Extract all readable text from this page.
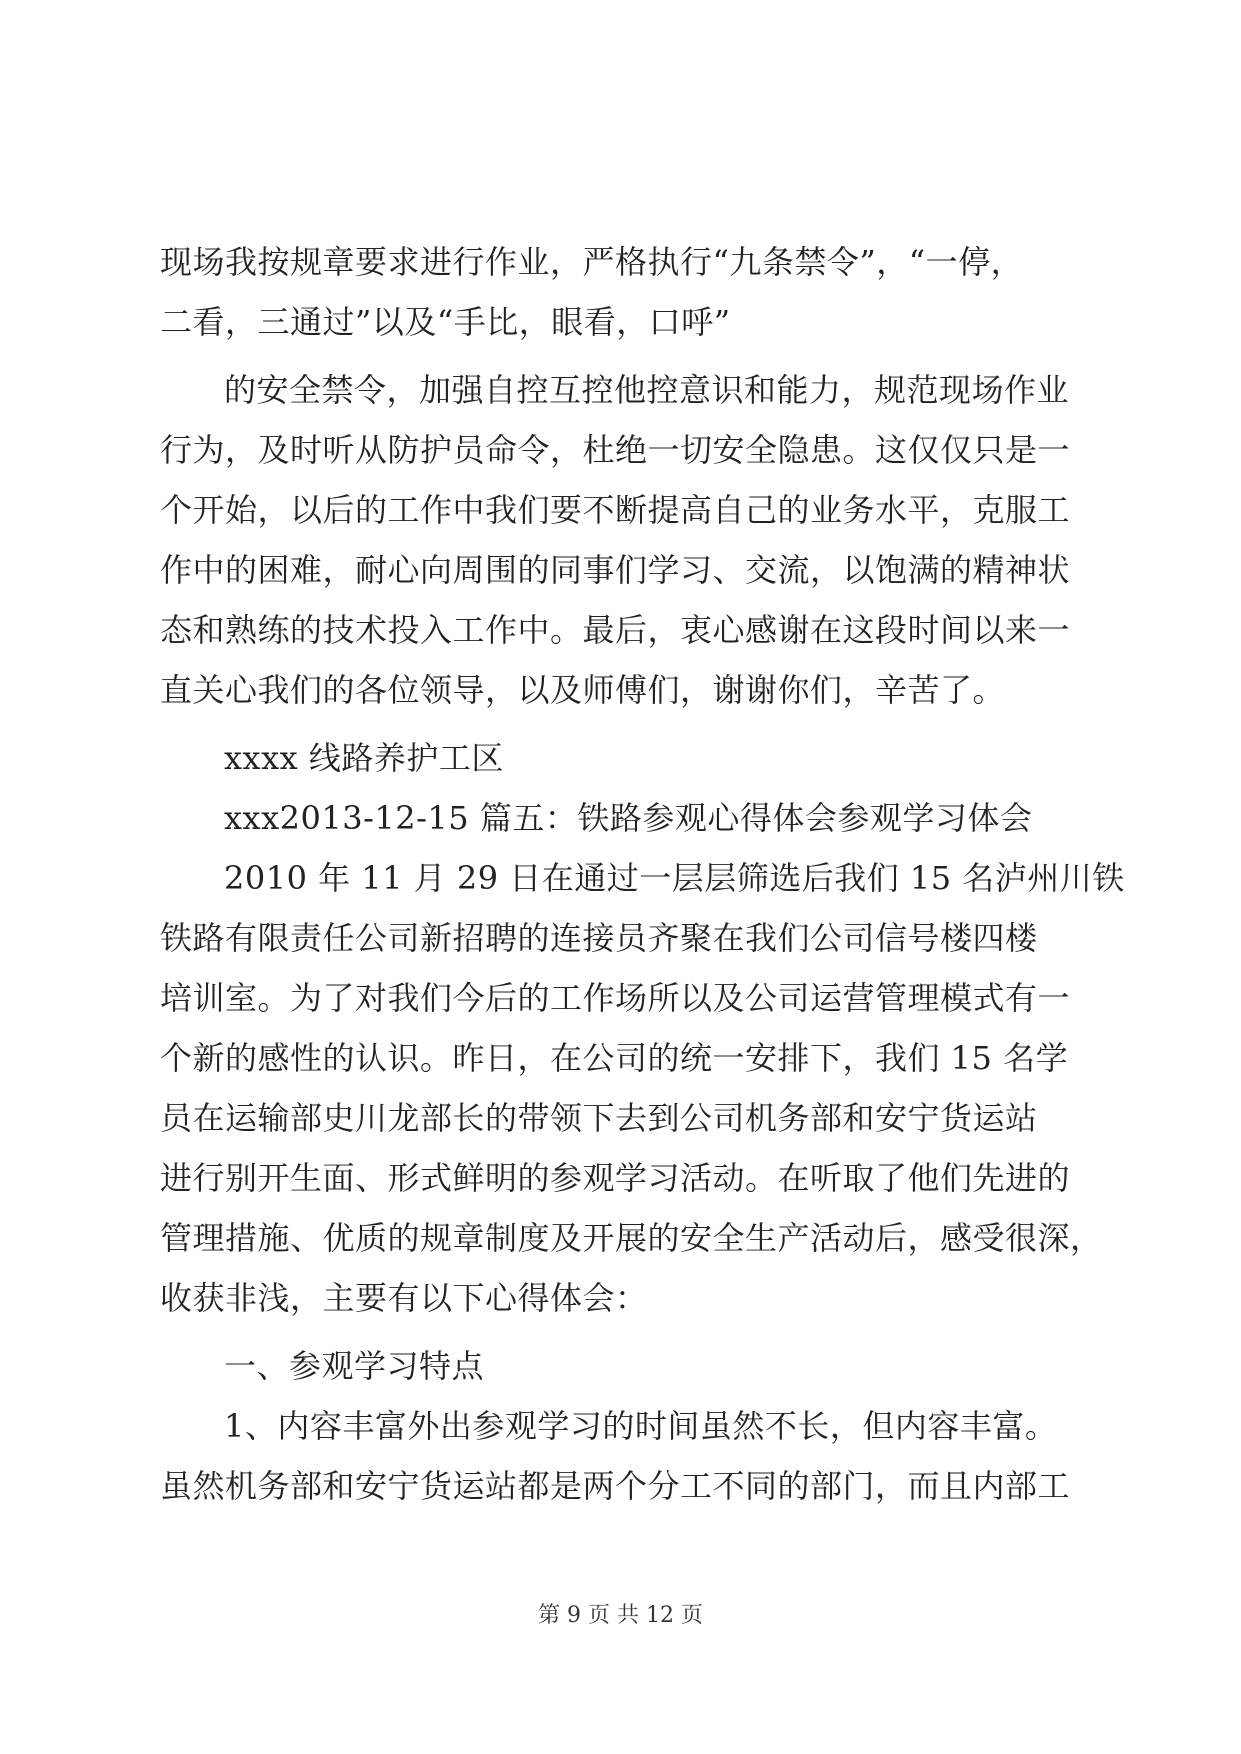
现场我按规章要求进行作业，严格执行“九条禁令”，“一停，
二看，三通过”以及“手比，眼看，口呼”
的安全禁令，加强自控互控他控意识和能力，规范现场作业
行为，及时听从防护员命令，杜绝一切安全隐患。这仅仅只是一
个开始，以后的工作中我们要不断提高自己的业务水平，克服工
作中的困难，耐心向周围的同事们学习、交流，以饱满的精神状
态和熟练的技术投入工作中。最后，衷心感谢在这段时间以来一
直关心我们的各位领导，以及师傅们，谢谢你们，辛苦了。
xxxx 线路养护工区
xxx2013-12-15 篇五：铁路参观心得体会参观学习体会
2010 年 11 月 29 日在通过一层层筛选后我们 15 名泸州川铁
铁路有限责任公司新招聘的连接员齐聚在我们公司信号楼四楼
培训室。为了对我们今后的工作场所以及公司运营管理模式有一
个新的感性的认识。昨日，在公司的统一安排下，我们 15 名学
员在运输部史川龙部长的带领下去到公司机务部和安宁货运站
进行别开生面、形式鲜明的参观学习活动。在听取了他们先进的
管理措施、优质的规章制度及开展的安全生产活动后，感受很深，
收获非浅，主要有以下心得体会：
一、参观学习特点
1、内容丰富外出参观学习的时间虽然不长，但内容丰富。
虽然机务部和安宁货运站都是两个分工不同的部门，而且内部工
第 9 页 共 12 页
